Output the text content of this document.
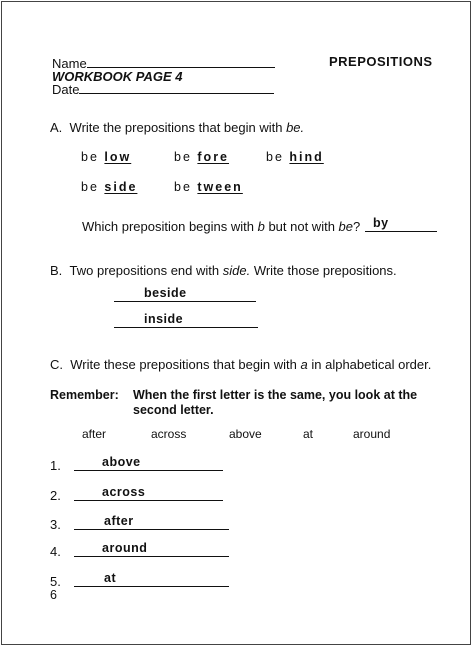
Name	PREPOSITIONS
WORKBOOK PAGE 4
Date
A. Write the prepositions that begin with be.
be low	be fore	be hind
be side	be tween
Which preposition begins with b but not with be? by
B. Two prepositions end with side. Write those prepositions.
beside
inside
C. Write these prepositions that begin with a in alphabetical order.
Remember: When the first letter is the same, you look at the
second letter.
after	across	above	at	around
1.	above
2.	across
3.	after
4.	around
5.	at
6
